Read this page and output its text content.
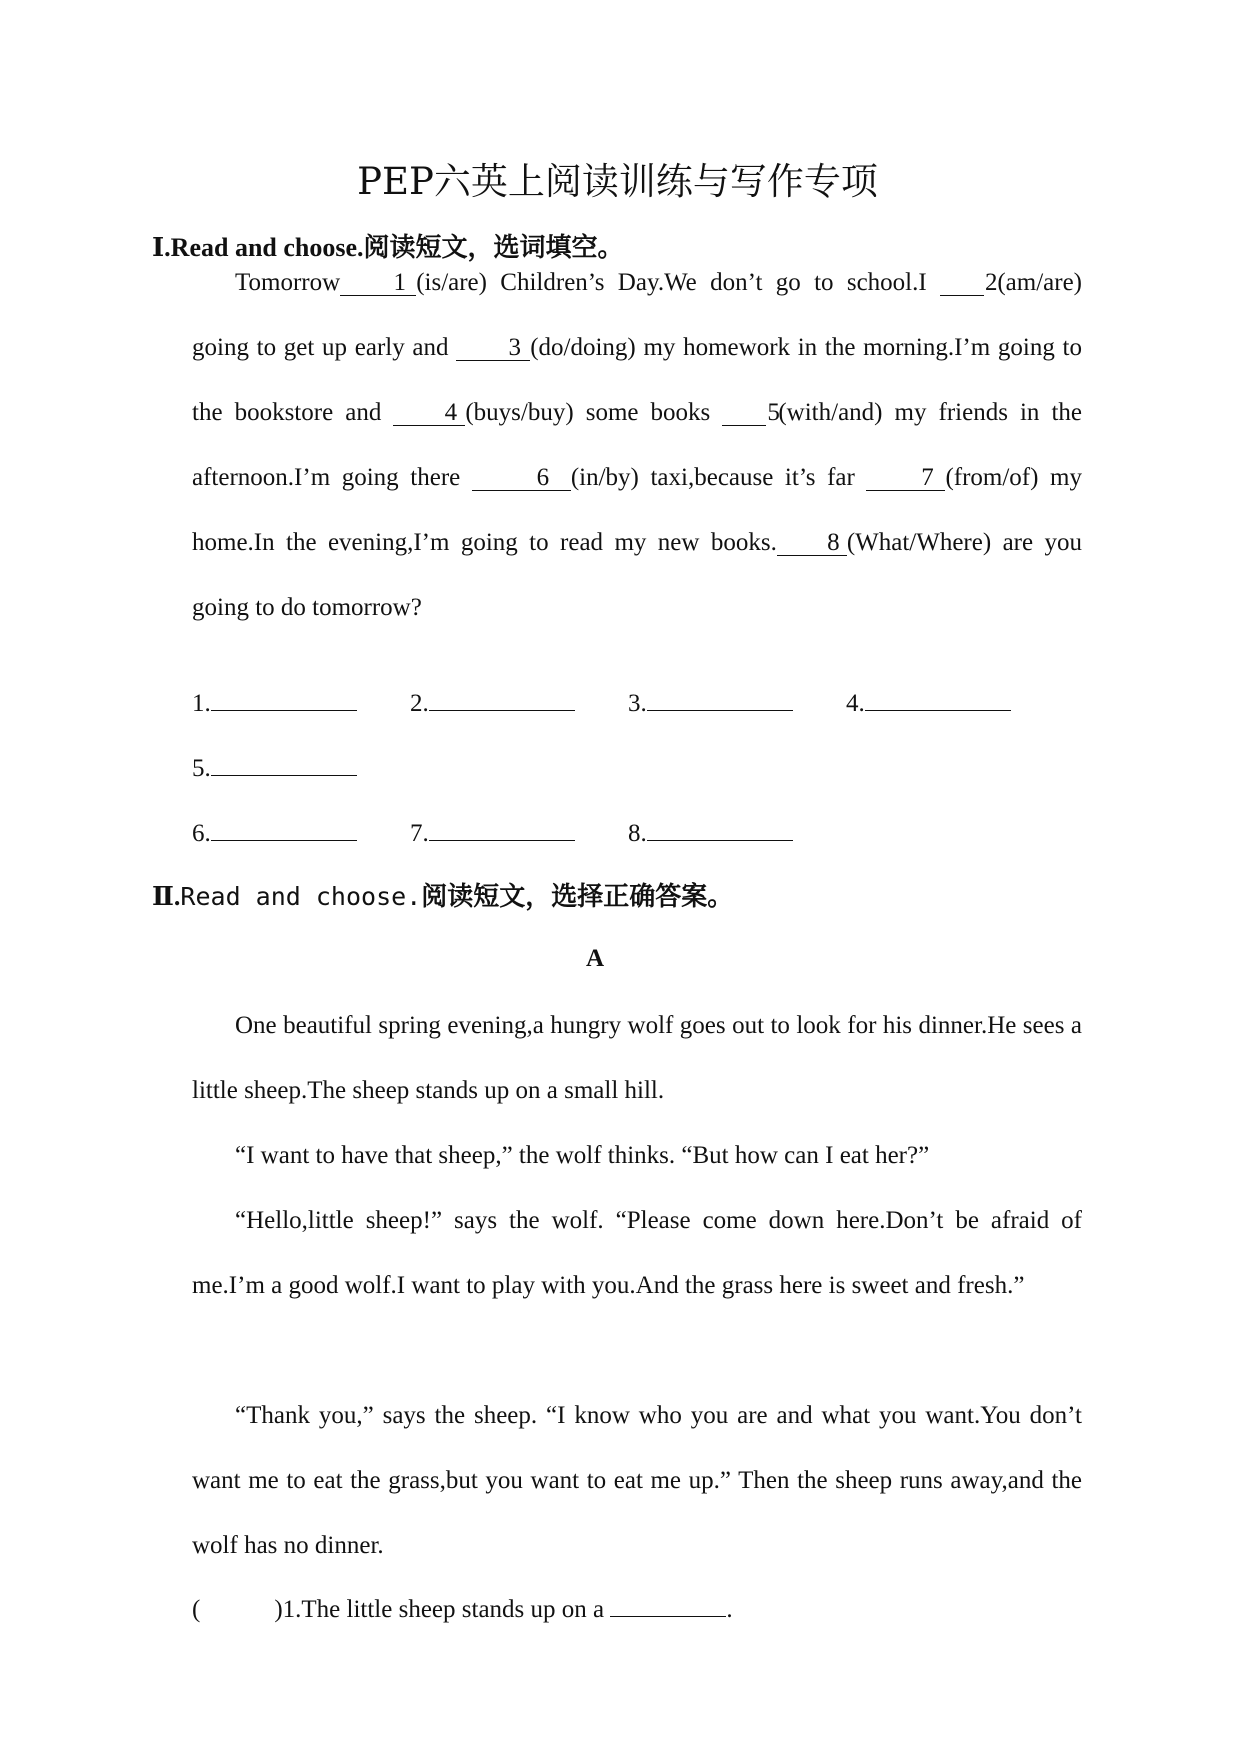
PEP六英上阅读训练与写作专项
Ⅰ.Read and choose.阅读短文，选词填空。

Tomorrow 1 (is/are) Children’s Day.We don’t go to school.I 2 (am/are) going to get up early and 3 (do/doing) my homework in the morning.I’m going to the bookstore and 4 (buys/buy) some books 5 (with/and) my friends in the afternoon.I’m going there	6 (in/by) taxi,because it’s far 7 (from/of) my home.In the evening,I’m going to read my new books. 8 (What/Where) are you going to do tomorrow?

1.	2.	3.	4.
5.
6.	7.	8.
Ⅱ.Read and choose.阅读短文，选择正确答案。
A

One beautiful spring evening,a hungry wolf goes out to look for his dinner.He sees a little sheep.The sheep stands up on a small hill.

“I want to have that sheep,” the wolf thinks. “But how can I eat her?”

“Hello,little sheep!” says the wolf. “Please come down here.Don’t be afraid of me.I’m a good wolf.I want to play with you.And the grass here is sweet and fresh.”

“Thank you,” says the sheep. “I know who you are and what you want.You don’t want me to eat the grass,but you want to eat me up.” Then the sheep runs away,and the wolf has no dinner.

(	)1.The little sheep stands up on a	.
